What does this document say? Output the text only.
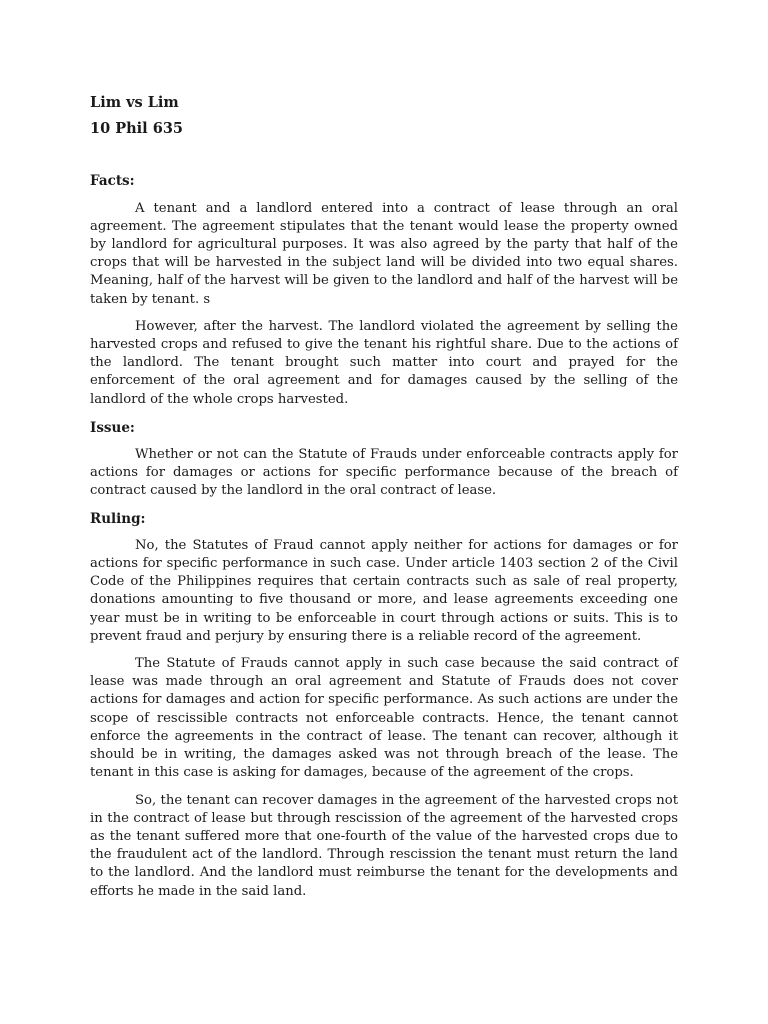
Lim vs Lim

10 Phil 635

Facts:

A tenant and a landlord entered into a contract of lease through an oral agreement. The agreement stipulates that the tenant would lease the property owned by landlord for agricultural purposes. It was also agreed by the party that half of the crops that will be harvested in the subject land will be divided into two equal shares. Meaning, half of the harvest will be given to the landlord and half of the harvest will be taken by tenant. s

However, after the harvest. The landlord violated the agreement by selling the harvested crops and refused to give the tenant his rightful share. Due to the actions of the landlord. The tenant brought such matter into court and prayed for the enforcement of the oral agreement and for damages caused by the selling of the landlord of the whole crops harvested.

Issue:

Whether or not can the Statute of Frauds under enforceable contracts apply for actions for damages or actions for specific performance because of the breach of contract caused by the landlord in the oral contract of lease.

Ruling:

No, the Statutes of Fraud cannot apply neither for actions for damages or for actions for specific performance in such case. Under article 1403 section 2 of the Civil Code of the Philippines requires that certain contracts such as sale of real property, donations amounting to five thousand or more, and lease agreements exceeding one year must be in writing to be enforceable in court through actions or suits. This is to prevent fraud and perjury by ensuring there is a reliable record of the agreement.

The Statute of Frauds cannot apply in such case because the said contract of lease was made through an oral agreement and Statute of Frauds does not cover actions for damages and action for specific performance. As such actions are under the scope of rescissible contracts not enforceable contracts. Hence, the tenant cannot enforce the agreements in the contract of lease. The tenant can recover, although it should be in writing, the damages asked was not through breach of the lease. The tenant in this case is asking for damages, because of the agreement of the crops.

So, the tenant can recover damages in the agreement of the harvested crops not in the contract of lease but through rescission of the agreement of the harvested crops as the tenant suffered more that one-fourth of the value of the harvested crops due to the fraudulent act of the landlord. Through rescission the tenant must return the land to the landlord. And the landlord must reimburse the tenant for the developments and efforts he made in the said land.
